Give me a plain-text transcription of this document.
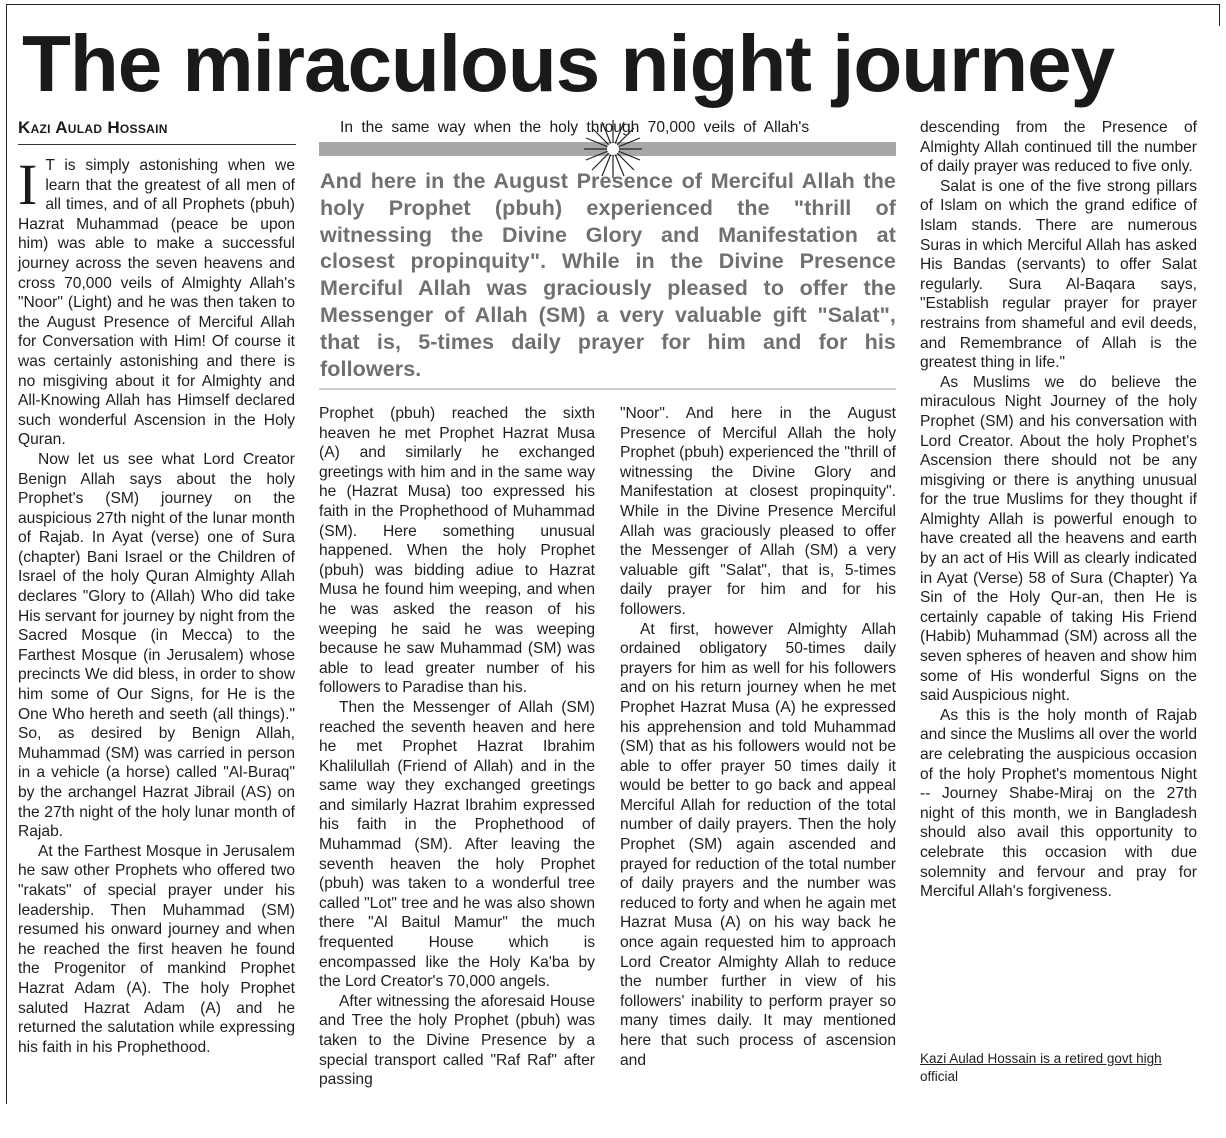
The miraculous night journey
Kazi Aulad Hossain

I T is simply astonishing when we learn that the greatest of all men of all times, and of all Prophets (pbuh) Hazrat Muhammad (peace be upon him) was able to make a successful journey across the seven heavens and cross 70,000 veils of Almighty Allah's "Noor" (Light) and he was then taken to the August Presence of Merciful Allah for Conversation with Him! Of course it was certainly astonishing and there is no misgiving about it for Almighty and All-Knowing Allah has Himself declared such wonderful Ascension in the Holy Quran.

Now let us see what Lord Creator Benign Allah says about the holy Prophet's (SM) journey on the auspicious 27th night of the lunar month of Rajab. In Ayat (verse) one of Sura (chapter) Bani Israel or the Children of Israel of the holy Quran Almighty Allah declares "Glory to (Allah) Who did take His servant for journey by night from the Sacred Mosque (in Mecca) to the Farthest Mosque (in Jerusalem) whose precincts We did bless, in order to show him some of Our Signs, for He is the One Who hereth and seeth (all things)." So, as desired by Benign Allah, Muhammad (SM) was carried in person in a vehicle (a horse) called "Al-Buraq" by the archangel Hazrat Jibrail (AS) on the 27th night of the holy lunar month of Rajab.

At the Farthest Mosque in Jerusalem he saw other Prophets who offered two "rakats" of special prayer under his leadership. Then Muhammad (SM) resumed his onward journey and when he reached the first heaven he found the Progenitor of mankind Prophet Hazrat Adam (A). The holy Prophet saluted Hazrat Adam (A) and he returned the salutation while expressing his faith in his Prophethood.

In the same way when the holy through 70,000 veils of Allah's
And here in the August Presence of Merciful Allah the holy Prophet (pbuh) experienced the "thrill of witnessing the Divine Glory and Manifestation at closest propinquity". While in the Divine Presence Merciful Allah was graciously pleased to offer the Messenger of Allah (SM) a very valuable gift "Salat", that is, 5-times daily prayer for him and for his followers.

Prophet (pbuh) reached the sixth heaven he met Prophet Hazrat Musa (A) and similarly he exchanged greetings with him and in the same way he (Hazrat Musa) too expressed his faith in the Prophethood of Muhammad (SM). Here something unusual happened. When the holy Prophet (pbuh) was bidding adiue to Hazrat Musa he found him weeping, and when he was asked the reason of his weeping he said he was weeping because he saw Muhammad (SM) was able to lead greater number of his followers to Paradise than his.

Then the Messenger of Allah (SM) reached the seventh heaven and here he met Prophet Hazrat Ibrahim Khalilullah (Friend of Allah) and in the same way they exchanged greetings and similarly Hazrat Ibrahim expressed his faith in the Prophethood of Muhammad (SM). After leaving the seventh heaven the holy Prophet (pbuh) was taken to a wonderful tree called "Lot" tree and he was also shown there "Al Baitul Mamur" the much frequented House which is encompassed like the Holy Ka'ba by the Lord Creator's 70,000 angels.

After witnessing the aforesaid House and Tree the holy Prophet (pbuh) was taken to the Divine Presence by a special transport called "Raf Raf" after passing

"Noor". And here in the August Presence of Merciful Allah the holy Prophet (pbuh) experienced the "thrill of witnessing the Divine Glory and Manifestation at closest propinquity". While in the Divine Presence Merciful Allah was graciously pleased to offer the Messenger of Allah (SM) a very valuable gift "Salat", that is, 5-times daily prayer for him and for his followers.

At first, however Almighty Allah ordained obligatory 50-times daily prayers for him as well for his followers and on his return journey when he met Prophet Hazrat Musa (A) he expressed his apprehension and told Muhammad (SM) that as his followers would not be able to offer prayer 50 times daily it would be better to go back and appeal Merciful Allah for reduction of the total number of daily prayers. Then the holy Prophet (SM) again ascended and prayed for reduction of the total number of daily prayers and the number was reduced to forty and when he again met Hazrat Musa (A) on his way back he once again requested him to approach Lord Creator Almighty Allah to reduce the number further in view of his followers' inability to perform prayer so many times daily. It may mentioned here that such process of ascension and

descending from the Presence of Almighty Allah continued till the number of daily prayer was reduced to five only.

Salat is one of the five strong pillars of Islam on which the grand edifice of Islam stands. There are numerous Suras in which Merciful Allah has asked His Bandas (servants) to offer Salat regularly. Sura Al-Baqara says, "Establish regular prayer for prayer restrains from shameful and evil deeds, and Remembrance of Allah is the greatest thing in life."

As Muslims we do believe the miraculous Night Journey of the holy Prophet (SM) and his conversation with Lord Creator. About the holy Prophet's Ascension there should not be any misgiving or there is anything unusual for the true Muslims for they thought if Almighty Allah is powerful enough to have created all the heavens and earth by an act of His Will as clearly indicated in Ayat (Verse) 58 of Sura (Chapter) Ya Sin of the Holy Qur-an, then He is certainly capable of taking His Friend (Habib) Muhammad (SM) across all the seven spheres of heaven and show him some of His wonderful Signs on the said Auspicious night.

As this is the holy month of Rajab and since the Muslims all over the world are celebrating the auspicious occasion of the holy Prophet's momentous Night -- Journey Shabe-Miraj on the 27th night of this month, we in Bangladesh should also avail this opportunity to celebrate this occasion with due solemnity and fervour and pray for Merciful Allah's forgiveness.

Kazi Aulad Hossain is a retired govt high
official
